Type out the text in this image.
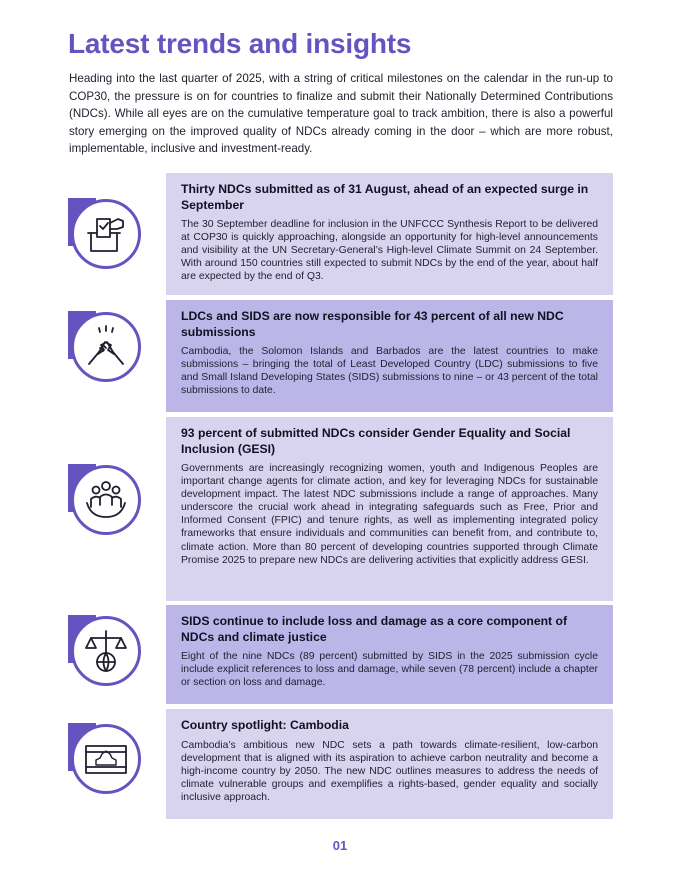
Latest trends and insights

Heading into the last quarter of 2025, with a string of critical milestones on the calendar in the run-up to COP30, the pressure is on for countries to finalize and submit their Nationally Determined Contributions (NDCs). While all eyes are on the cumulative temperature goal to track ambition, there is also a powerful story emerging on the improved quality of NDCs already coming in the door – which are more robust, implementable, inclusive and investment-ready.

Thirty NDCs submitted as of 31 August, ahead of an expected surge in September

The 30 September deadline for inclusion in the UNFCCC Synthesis Report to be delivered at COP30 is quickly approaching, alongside an opportunity for high-level announcements and visibility at the UN Secretary-General’s High-level Climate Summit on 24 September. With around 150 countries still expected to submit NDCs by the end of the year, about half are expected by the end of Q3.

LDCs and SIDS are now responsible for 43 percent of all new NDC submissions

Cambodia, the Solomon Islands and Barbados are the latest countries to make submissions – bringing the total of Least Developed Country (LDC) submissions to five and Small Island Developing States (SIDS) submissions to nine – or 43 percent of the total submissions to date.

93 percent of submitted NDCs consider Gender Equality and Social Inclusion (GESI)

Governments are increasingly recognizing women, youth and Indigenous Peoples are important change agents for climate action, and key for leveraging NDCs for sustainable development impact. The latest NDC submissions include a range of approaches. Many underscore the crucial work ahead in integrating safeguards such as Free, Prior and Informed Consent (FPIC) and tenure rights, as well as implementing integrated policy frameworks that ensure individuals and communities can benefit from, and contribute to, climate action. More than 80 percent of developing countries supported through Climate Promise 2025 to prepare new NDCs are delivering activities that explicitly address GESI.

SIDS continue to include loss and damage as a core component of NDCs and climate justice

Eight of the nine NDCs (89 percent) submitted by SIDS in the 2025 submission cycle include explicit references to loss and damage, while seven (78 percent) include a chapter or section on loss and damage.

Country spotlight: Cambodia

Cambodia’s ambitious new NDC sets a path towards climate-resilient, low-carbon development that is aligned with its aspiration to achieve carbon neutrality and become a high-income country by 2050. The new NDC outlines measures to address the needs of climate vulnerable groups and exemplifies a rights-based, gender equality and socially inclusive approach.

01
